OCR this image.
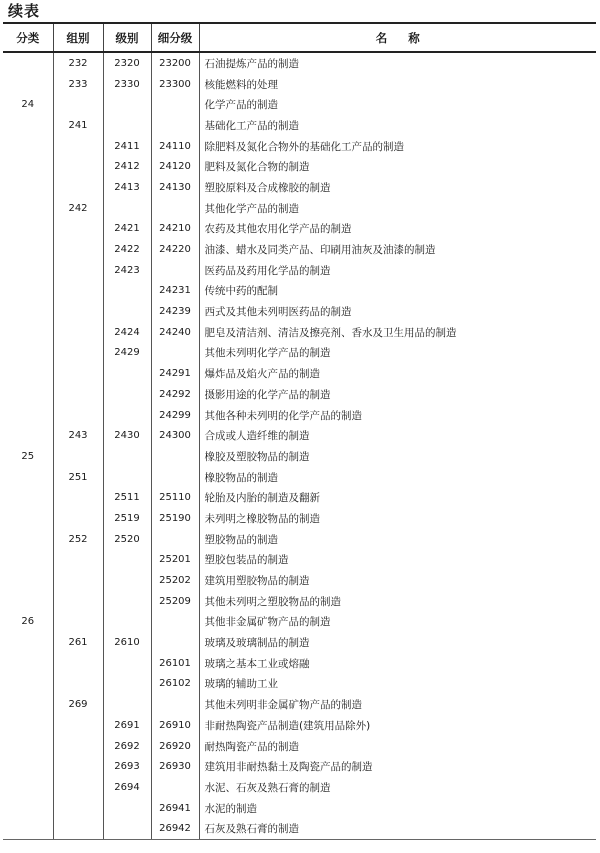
续表
分类	组别	级别	细分级	名 称
	232	2320	23200	石油提炼产品的制造
	233	2330	23300	核能燃料的处理
24				化学产品的制造
	241			基础化工产品的制造
		2411	24110	除肥料及氮化合物外的基础化工产品的制造
		2412	24120	肥料及氮化合物的制造
		2413	24130	塑胶原料及合成橡胶的制造
	242			其他化学产品的制造
		2421	24210	农药及其他农用化学产品的制造
		2422	24220	油漆、蜡水及同类产品、印刷用油灰及油漆的制造
		2423		医药品及药用化学品的制造
			24231	传统中药的配制
			24239	西式及其他未列明医药品的制造
		2424	24240	肥皂及清洁剂、清洁及擦亮剂、香水及卫生用品的制造
		2429		其他未列明化学产品的制造
			24291	爆炸品及焰火产品的制造
			24292	摄影用途的化学产品的制造
			24299	其他各种未列明的化学产品的制造
	243	2430	24300	合成或人造纤维的制造
25				橡胶及塑胶物品的制造
	251			橡胶物品的制造
		2511	25110	轮胎及内胎的制造及翻新
		2519	25190	未列明之橡胶物品的制造
	252	2520		塑胶物品的制造
			25201	塑胶包装品的制造
			25202	建筑用塑胶物品的制造
			25209	其他未列明之塑胶物品的制造
26				其他非金属矿物产品的制造
	261	2610		玻璃及玻璃制品的制造
			26101	玻璃之基本工业或熔融
			26102	玻璃的辅助工业
	269			其他未列明非金属矿物产品的制造
		2691	26910	非耐热陶瓷产品制造(建筑用品除外)
		2692	26920	耐热陶瓷产品的制造
		2693	26930	建筑用非耐热黏土及陶瓷产品的制造
		2694		水泥、石灰及熟石膏的制造
			26941	水泥的制造
			26942	石灰及熟石膏的制造
